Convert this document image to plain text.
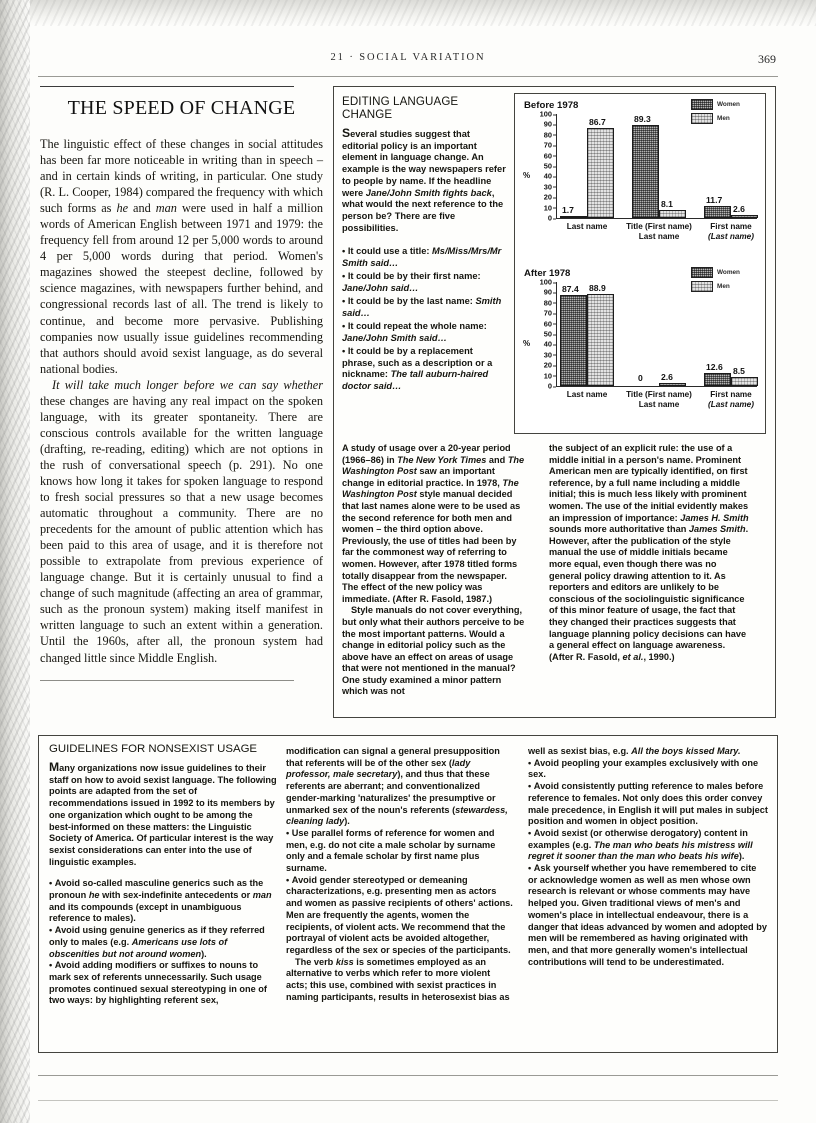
21 · SOCIAL VARIATION	369
THE SPEED OF CHANGE

The linguistic effect of these changes in social attitudes has been far more noticeable in writing than in speech – and in certain kinds of writing, in particular. One study (R. L. Cooper, 1984) compared the frequency with which such forms as he and man were used in half a million words of American English between 1971 and 1979: the frequency fell from around 12 per 5,000 words to around 4 per 5,000 words during that period. Women's magazines showed the steepest decline, followed by science magazines, with newspapers further behind, and congressional records last of all. The trend is likely to continue, and become more pervasive. Publishing companies now usually issue guidelines recommending that authors should avoid sexist language, as do several national bodies.

It will take much longer before we can say whether these changes are having any real impact on the spoken language, with its greater spontaneity. There are conscious controls available for the written language (drafting, re-reading, editing) which are not options in the rush of conversational speech (p. 291). No one knows how long it takes for spoken language to respond to fresh social pressures so that a new usage becomes automatic throughout a community. There are no precedents for the amount of public attention which has been paid to this area of usage, and it is therefore not possible to extrapolate from previous experience of language change. But it is certainly unusual to find a change of such magnitude (affecting an area of grammar, such as the pronoun system) making itself manifest in written language to such an extent within a generation. Until the 1960s, after all, the pronoun system had changed little since Middle English.

EDITING LANGUAGE CHANGE

Several studies suggest that editorial policy is an important element in language change. An example is the way newspapers refer to people by name. If the headline were Jane/John Smith fights back, what would the next reference to the person be? There are five possibilities.

• It could use a title: Ms/Miss/Mrs/Mr Smith said…
• It could be by their first name: Jane/John said…
• It could be by the last name: Smith said…
• It could repeat the whole name: Jane/John Smith said…
• It could be by a replacement phrase, such as a description or a nickname: The tall auburn-haired doctor said…
Before 1978	Women
Men
%
0
10
20
30
40
50
60
70
80
90
100
1.7
86.7	89.3
8.1	11.7
2.6
Last name	Title (First name)
Last name
First name
(Last name)
After 1978	Women
Men
%
0
10
20
30
40
50
60
70
80
90
100
87.4 88.9
0 2.6
12.6 8.5
Last name	Title (First name)
Last name
First name
(Last name)

A study of usage over a 20-year period (1966–86) in The New York Times and The Washington Post saw an important change in editorial practice. In 1978, The Washington Post style manual decided that last names alone were to be used as the second reference for both men and women – the third option above. Previously, the use of titles had been by far the commonest way of referring to women. However, after 1978 titled forms totally disappear from the newspaper. The effect of the new policy was immediate. (After R. Fasold, 1987.)

Style manuals do not cover everything, but only what their authors perceive to be the most important patterns. Would a change in editorial policy such as the above have an effect on areas of usage that were not mentioned in the manual? One study examined a minor pattern which was not

the subject of an explicit rule: the use of a middle initial in a person's name. Prominent American men are typically identified, on first reference, by a full name including a middle initial; this is much less likely with prominent women. The use of the initial evidently makes an impression of importance: James H. Smith sounds more authoritative than James Smith. However, after the publication of the style manual the use of middle initials became more equal, even though there was no general policy drawing attention to it. As reporters and editors are unlikely to be conscious of the sociolinguistic significance of this minor feature of usage, the fact that they changed their practices suggests that language planning policy decisions can have a general effect on language awareness. (After R. Fasold, et al., 1990.)

GUIDELINES FOR NONSEXIST USAGE

Many organizations now issue guidelines to their staff on how to avoid sexist language. The following points are adapted from the set of recommendations issued in 1992 to its members by one organization which ought to be among the best-informed on these matters: the Linguistic Society of America. Of particular interest is the way sexist considerations can enter into the use of linguistic examples.

• Avoid so-called masculine generics such as the pronoun he with sex-indefinite antecedents or man and its compounds (except in unambiguous reference to males).
• Avoid using genuine generics as if they referred only to males (e.g. Americans use lots of obscenities but not around women).
• Avoid adding modifiers or suffixes to nouns to mark sex of referents unnecessarily. Such usage promotes continued sexual stereotyping in one of two ways: by highlighting referent sex,

modification can signal a general presupposition that referents will be of the other sex (lady professor, male secretary), and thus that these referents are aberrant; and conventionalized gender-marking 'naturalizes' the presumptive or unmarked sex of the noun's referents (stewardess, cleaning lady).

• Use parallel forms of reference for women and men, e.g. do not cite a male scholar by surname only and a female scholar by first name plus surname.
• Avoid gender stereotyped or demeaning characterizations, e.g. presenting men as actors and women as passive recipients of others' actions. Men are frequently the agents, women the recipients, of violent acts. We recommend that the portrayal of violent acts be avoided altogether, regardless of the sex or species of the participants.

The verb kiss is sometimes employed as an alternative to verbs which refer to more violent acts; this use, combined with sexist practices in naming participants, results in heterosexist bias as

well as sexist bias, e.g. All the boys kissed Mary.

• Avoid peopling your examples exclusively with one sex.
• Avoid consistently putting reference to males before reference to females. Not only does this order convey male precedence, in English it will put males in subject position and women in object position.
• Avoid sexist (or otherwise derogatory) content in examples (e.g. The man who beats his mistress will regret it sooner than the man who beats his wife).
• Ask yourself whether you have remembered to cite or acknowledge women as well as men whose own research is relevant or whose comments may have helped you. Given traditional views of men's and women's place in intellectual endeavour, there is a danger that ideas advanced by women and adopted by men will be remembered as having originated with men, and that more generally women's intellectual contributions will tend to be underestimated.
